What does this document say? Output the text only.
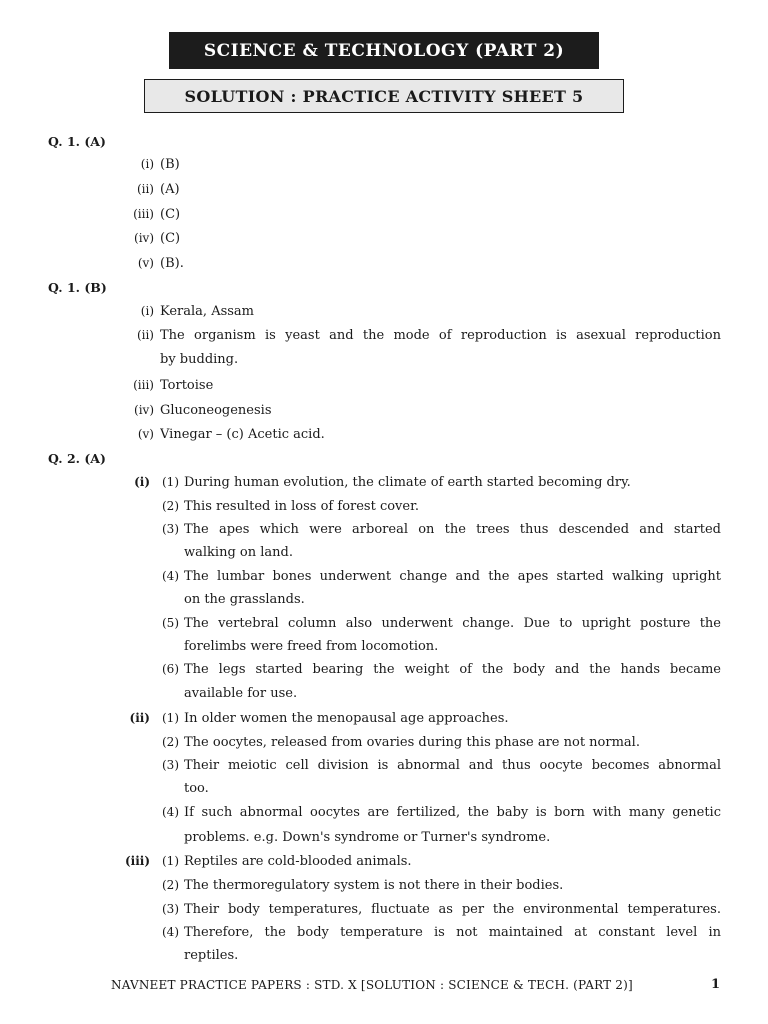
SCIENCE & TECHNOLOGY (PART 2)
SOLUTION : PRACTICE ACTIVITY SHEET 5
Q. 1. (A)
(i) (B)
(ii) (A)
(iii) (C)
(iv) (C)
(v) (B).
Q. 1. (B)
(i) Kerala, Assam
(ii) The organism is yeast and the mode of reproduction is asexual reproduction
by budding.
(iii) Tortoise
(iv) Gluconeogenesis
(v) Vinegar – (c) Acetic acid.
Q. 2. (A)
(i) (1) During human evolution, the climate of earth started becoming dry.
(2) This resulted in loss of forest cover.
(3) The apes which were arboreal on the trees thus descended and started
walking on land.
(4) The lumbar bones underwent change and the apes started walking upright
on the grasslands.
(5) The vertebral column also underwent change. Due to upright posture the
forelimbs were freed from locomotion.
(6) The legs started bearing the weight of the body and the hands became
available for use.
(ii) (1) In older women the menopausal age approaches.
(2) The oocytes, released from ovaries during this phase are not normal.
(3) Their meiotic cell division is abnormal and thus oocyte becomes abnormal
too.
(4) If such abnormal oocytes are fertilized, the baby is born with many genetic
problems. e.g. Down's syndrome or Turner's syndrome.
(iii) (1) Reptiles are cold-blooded animals.
(2) The thermoregulatory system is not there in their bodies.
(3) Their body temperatures, fluctuate as per the environmental temperatures.
(4) Therefore, the body temperature is not maintained at constant level in
reptiles.
NAVNEET PRACTICE PAPERS : STD. X [SOLUTION : SCIENCE & TECH. (PART 2)]	1
